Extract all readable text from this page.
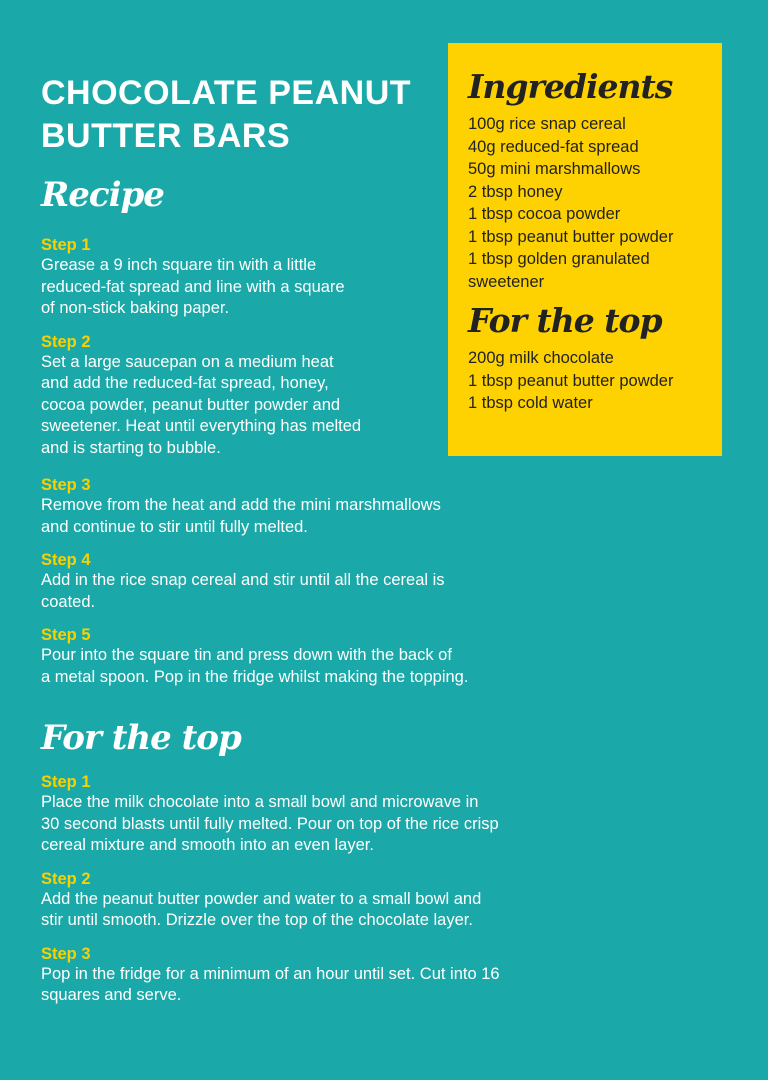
CHOCOLATE PEANUT BUTTER BARS
Recipe
Step 1
Grease a 9 inch square tin with a little
reduced-fat spread and line with a square
of non-stick baking paper.
Step 2
Set a large saucepan on a medium heat
and add the reduced-fat spread, honey,
cocoa powder, peanut butter powder and
sweetener. Heat until everything has melted
and is starting to bubble.
Step 3
Remove from the heat and add the mini marshmallows
and continue to stir until fully melted.
Step 4
Add in the rice snap cereal and stir until all the cereal is
coated.
Step 5
Pour into the square tin and press down with the back of
a metal spoon. Pop in the fridge whilst making the topping.
For the top
Step 1
Place the milk chocolate into a small bowl and microwave in
30 second blasts until fully melted. Pour on top of the rice crisp
cereal mixture and smooth into an even layer.
Step 2
Add the peanut butter powder and water to a small bowl and
stir until smooth. Drizzle over the top of the chocolate layer.
Step 3
Pop in the fridge for a minimum of an hour until set. Cut into 16
squares and serve.
Ingredients
100g rice snap cereal
40g reduced-fat spread
50g mini marshmallows
2 tbsp honey
1 tbsp cocoa powder
1 tbsp peanut butter powder
1 tbsp golden granulated sweetener
For the top
200g milk chocolate
1 tbsp peanut butter powder
1 tbsp cold water
